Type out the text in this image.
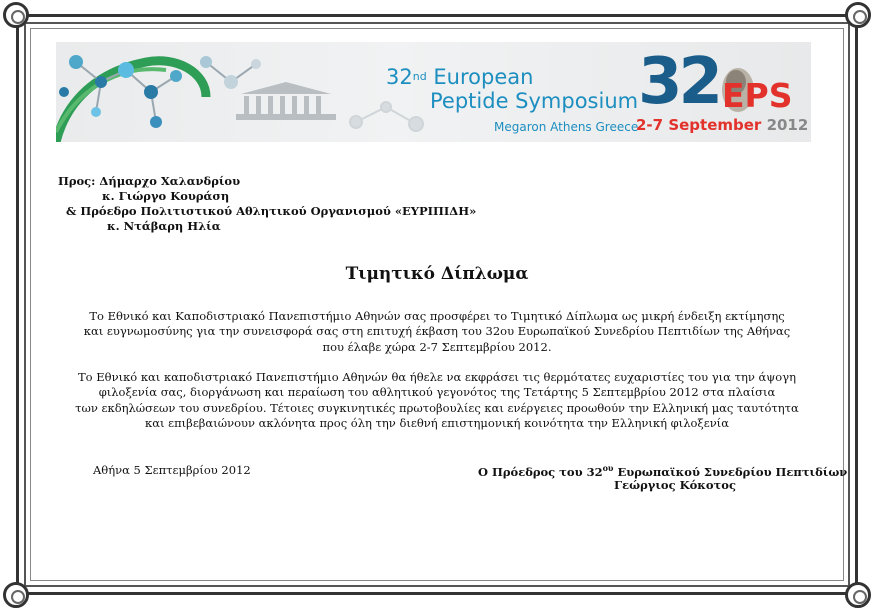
32nd European
Peptide Symposium
Megaron Athens Greece
32 EPS
2-7 September 2012
Προς: Δήμαρχο Χαλανδρίου
κ. Γιώργο Κουράση
& Πρόεδρο Πολιτιστικού Αθλητικού Οργανισμού «ΕΥΡΙΠΙΔΗ»
κ. Ντάβαρη Ηλία
Τιμητικό Δίπλωμα

Το Εθνικό και Καποδιστριακό Πανεπιστήμιο Αθηνών σας προσφέρει το Τιμητικό Δίπλωμα ως μικρή ένδειξη εκτίμησης

και ευγνωμοσύνης για την συνεισφορά σας στη επιτυχή έκβαση του 32ου Ευρωπαϊκού Συνεδρίου Πεπτιδίων της Αθήνας

που έλαβε χώρα 2-7 Σεπτεμβρίου 2012.

Το Εθνικό και καποδιστριακό Πανεπιστήμιο Αθηνών θα ήθελε να εκφράσει τις θερμότατες ευχαριστίες του για την άψογη

φιλοξενία σας, διοργάνωση και περαίωση του αθλητικού γεγονότος της Τετάρτης 5 Σεπτεμβρίου 2012 στα πλαίσια

των εκδηλώσεων του συνεδρίου. Τέτοιες συγκινητικές πρωτοβουλίες και ενέργειες προωθούν την Ελληνική μας ταυτότητα

και επιβεβαιώνουν ακλόνητα προς όλη την διεθνή επιστημονική κοινότητα την Ελληνική φιλοξενία

Αθήνα 5 Σεπτεμβρίου 2012	Ο Πρόεδρος του $32^{o\upsilon}$ Ευρωπαϊκού Συνεδρίου Πεπτιδίων
Γεώργιος Κόκοτος
